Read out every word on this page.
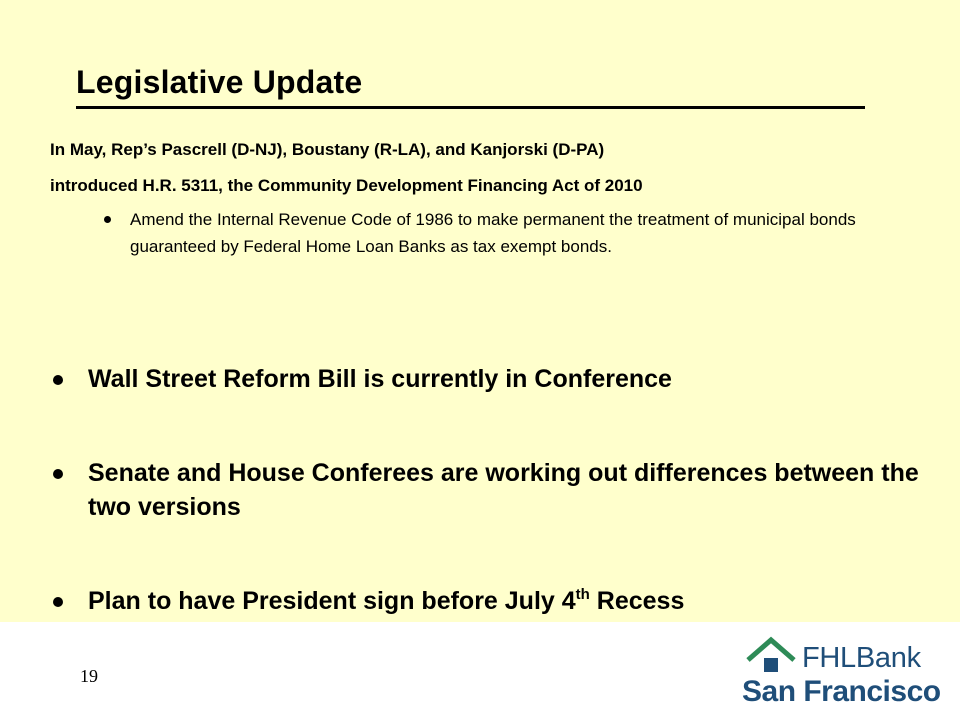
Legislative Update
In May, Rep’s Pascrell (D-NJ), Boustany (R-LA), and Kanjorski (D-PA)
introduced H.R. 5311, the Community Development Financing Act of 2010
Amend the Internal Revenue Code of 1986 to make permanent the treatment of municipal bonds guaranteed by Federal Home Loan Banks as tax exempt bonds.
Wall Street Reform Bill is currently in Conference
Senate and House Conferees are working out differences between the two versions
Plan to have President sign before July 4th Recess
19
FHLBank
San Francisco
